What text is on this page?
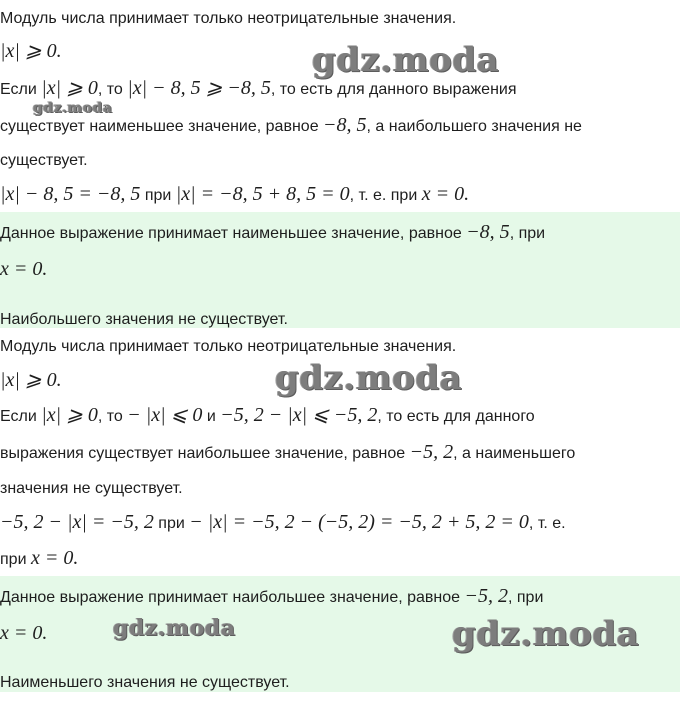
Модуль числа принимает только неотрицательные значения.
|x| ⩾ 0.
Если |x| ⩾ 0, то |x| − 8, 5 ⩾ −8, 5, то есть для данного выражения
существует наименьшее значение, равное −8, 5, а наибольшего значения не
существует.
|x| − 8, 5 = −8, 5 при |x| = −8, 5 + 8, 5 = 0, т. е. при x = 0.
Данное выражение принимает наименьшее значение, равное −8, 5, при
x = 0.
Наибольшего значения не существует.
Модуль числа принимает только неотрицательные значения.
|x| ⩾ 0.
Если |x| ⩾ 0, то − |x| ⩽ 0 и −5, 2 − |x| ⩽ −5, 2, то есть для данного
выражения существует наибольшее значение, равное −5, 2, а наименьшего
значения не существует.
−5, 2 − |x| = −5, 2 при − |x| = −5, 2 − (−5, 2) = −5, 2 + 5, 2 = 0, т. е.
при x = 0.
Данное выражение принимает наибольшее значение, равное −5, 2, при
x = 0.
Наименьшего значения не существует.
gdz.moda
gdz.moda
gdz.moda
gdz.moda	gdz.moda
